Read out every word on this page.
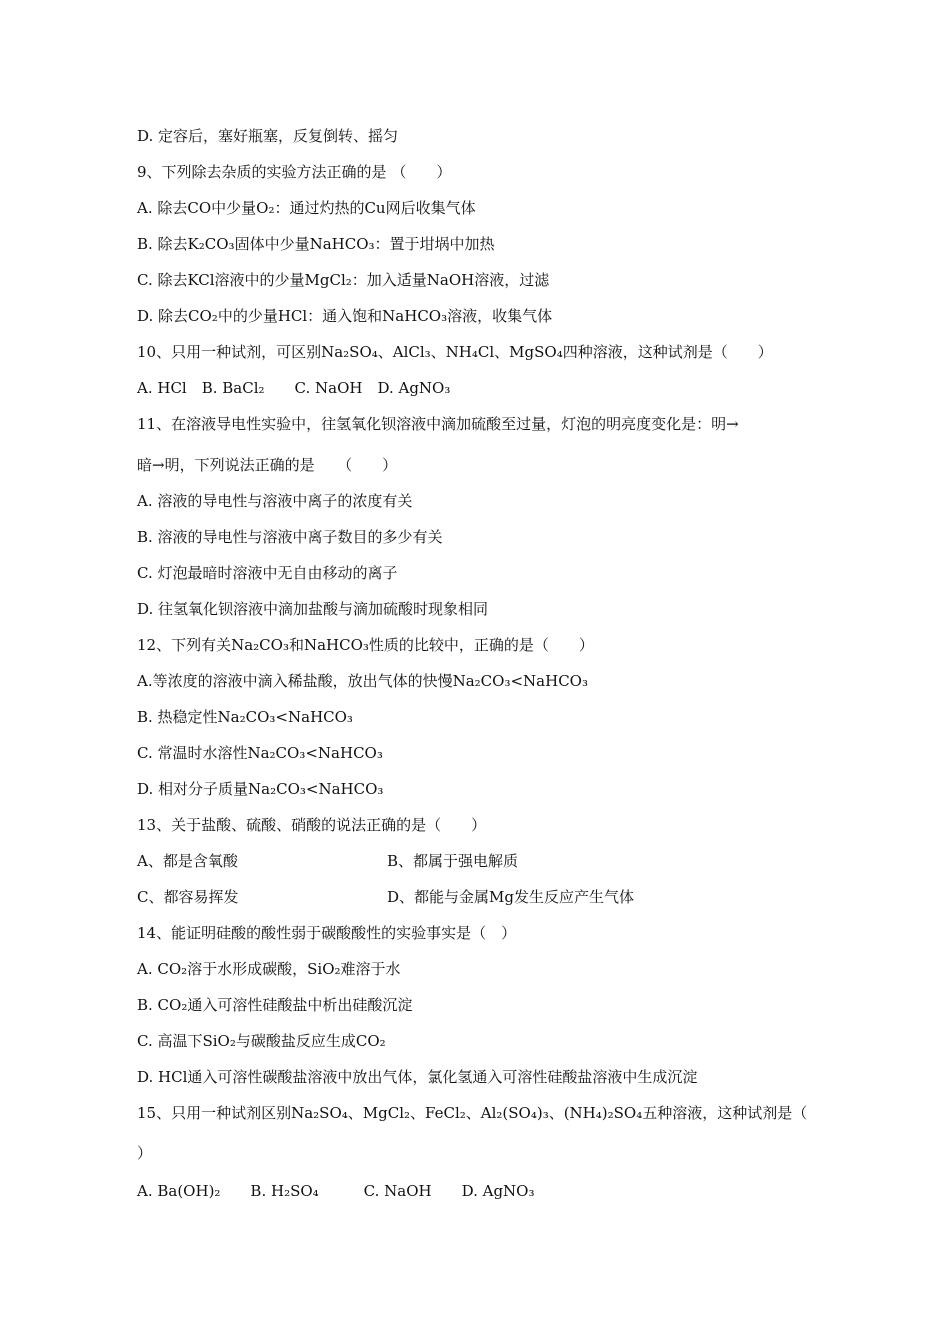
D. 定容后，塞好瓶塞，反复倒转、摇匀
9、下列除去杂质的实验方法正确的是 （　　）
A. 除去CO中少量O₂：通过灼热的Cu网后收集气体
B. 除去K₂CO₃固体中少量NaHCO₃：置于坩埚中加热
C. 除去KCl溶液中的少量MgCl₂：加入适量NaOH溶液，过滤
D. 除去CO₂中的少量HCl：通入饱和NaHCO₃溶液，收集气体
10、只用一种试剂，可区别Na₂SO₄、AlCl₃、NH₄Cl、MgSO₄四种溶液，这种试剂是（　　）
A. HCl　B. BaCl₂　　C. NaOH　D. AgNO₃
11、在溶液导电性实验中，往氢氧化钡溶液中滴加硫酸至过量，灯泡的明亮度变化是：明→
暗→明，下列说法正确的是　　（　　）
A. 溶液的导电性与溶液中离子的浓度有关
B. 溶液的导电性与溶液中离子数目的多少有关
C. 灯泡最暗时溶液中无自由移动的离子
D. 往氢氧化钡溶液中滴加盐酸与滴加硫酸时现象相同
12、下列有关Na₂CO₃和NaHCO₃性质的比较中，正确的是（　　）
A.等浓度的溶液中滴入稀盐酸，放出气体的快慢Na₂CO₃<NaHCO₃
B. 热稳定性Na₂CO₃<NaHCO₃
C. 常温时水溶性Na₂CO₃<NaHCO₃
D. 相对分子质量Na₂CO₃<NaHCO₃
13、关于盐酸、硫酸、硝酸的说法正确的是（　　）
A、都是含氧酸	B、都属于强电解质
C、都容易挥发	D、都能与金属Mg发生反应产生气体
14、能证明硅酸的酸性弱于碳酸酸性的实验事实是（　）
A. CO₂溶于水形成碳酸，SiO₂难溶于水
B. CO₂通入可溶性硅酸盐中析出硅酸沉淀
C. 高温下SiO₂与碳酸盐反应生成CO₂
D. HCl通入可溶性碳酸盐溶液中放出气体，氯化氢通入可溶性硅酸盐溶液中生成沉淀
15、只用一种试剂区别Na₂SO₄、MgCl₂、FeCl₂、Al₂(SO₄)₃、(NH₄)₂SO₄五种溶液，这种试剂是（
）
A. Ba(OH)₂　　B. H₂SO₄　　　C. NaOH　　D. AgNO₃
